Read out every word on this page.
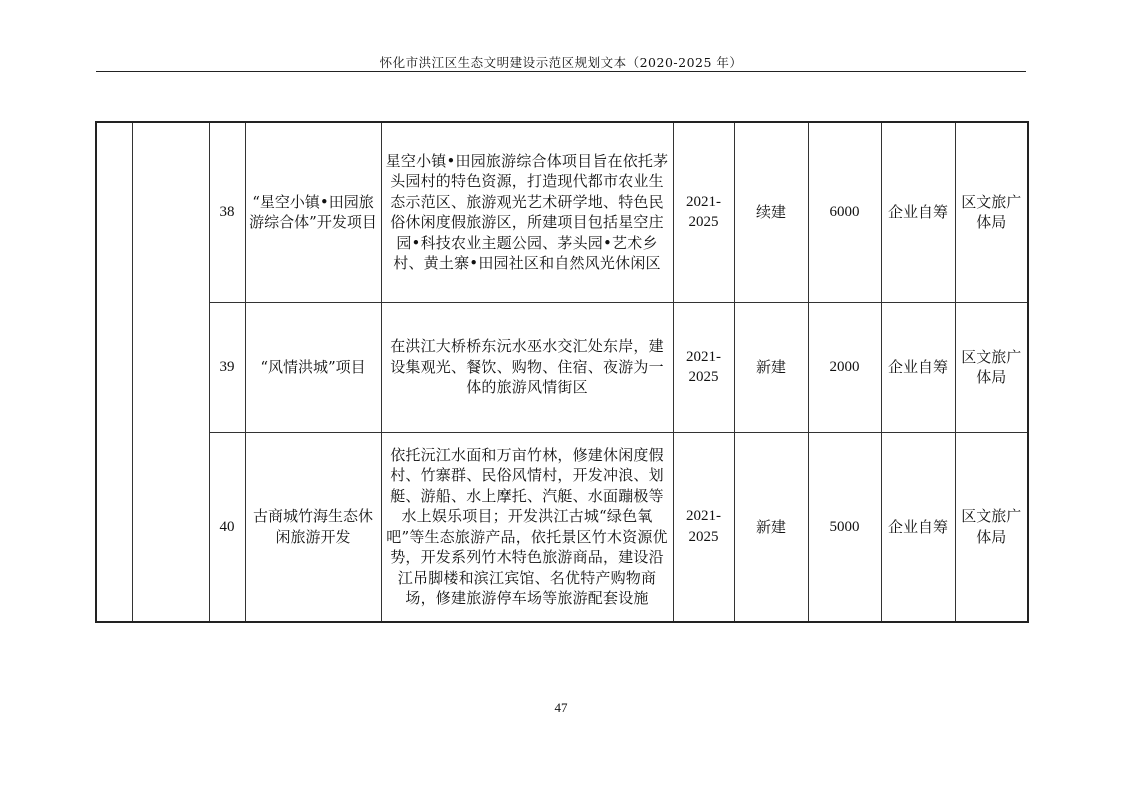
怀化市洪江区生态文明建设示范区规划文本（2020-2025 年）
		38	“星空小镇•田园旅游综合体”开发项目	星空小镇•田园旅游综合体项目旨在依托茅头园村的特色资源，打造现代都市农业生态示范区、旅游观光艺术研学地、特色民俗休闲度假旅游区，所建项目包括星空庄园•科技农业主题公园、茅头园•艺术乡村、黄土寨•田园社区和自然风光休闲区	2021-2025	续建	6000	企业自筹	区文旅广体局
		39	“风情洪城”项目	在洪江大桥桥东沅水巫水交汇处东岸，建设集观光、餐饮、购物、住宿、夜游为一体的旅游风情街区	2021-2025	新建	2000	企业自筹	区文旅广体局
		40	古商城竹海生态休闲旅游开发	依托沅江水面和万亩竹林，修建休闲度假村、竹寨群、民俗风情村，开发冲浪、划艇、游船、水上摩托、汽艇、水面蹦极等水上娱乐项目；开发洪江古城“绿色氧吧”等生态旅游产品，依托景区竹木资源优势，开发系列竹木特色旅游商品，建设沿江吊脚楼和滨江宾馆、名优特产购物商场，修建旅游停车场等旅游配套设施	2021-2025	新建	5000	企业自筹	区文旅广体局
47
